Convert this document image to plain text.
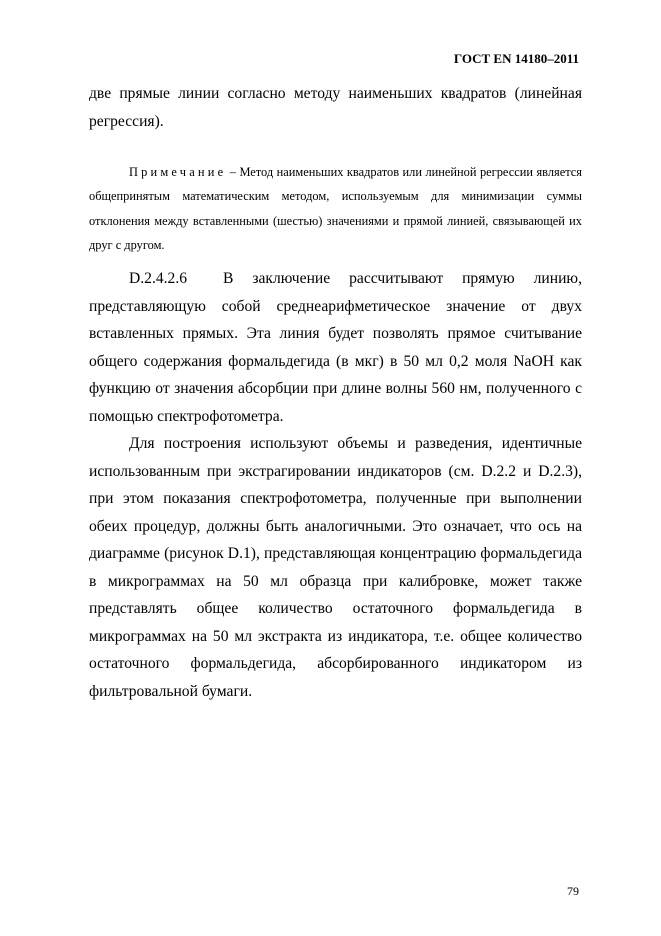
ГОСТ EN 14180–2011
две прямые линии согласно методу наименьших квадратов (линейная регрессия).
Примечание – Метод наименьших квадратов или линейной регрессии является общепринятым математическим методом, используемым для минимизации суммы отклонения между вставленными (шестью) значениями и прямой линией, связывающей их друг с другом.

D.2.4.2.6 В заключение рассчитывают прямую линию, представляющую собой среднеарифметическое значение от двух вставленных прямых. Эта линия будет позволять прямое считывание общего содержания формальдегида (в мкг) в 50 мл 0,2 моля NaOH как функцию от значения абсорбции при длине волны 560 нм, полученного с помощью спектрофотометра.

Для построения используют объемы и разведения, идентичные использованным при экстрагировании индикаторов (см. D.2.2 и D.2.3), при этом показания спектрофотометра, полученные при выполнении обеих процедур, должны быть аналогичными. Это означает, что ось на диаграмме (рисунок D.1), представляющая концентрацию формальдегида в микрограммах на 50 мл образца при калибровке, может также представлять общее количество остаточного формальдегида в микрограммах на 50 мл экстракта из индикатора, т.е. общее количество остаточного формальдегида, абсорбированного индикатором из фильтровальной бумаги.

79
